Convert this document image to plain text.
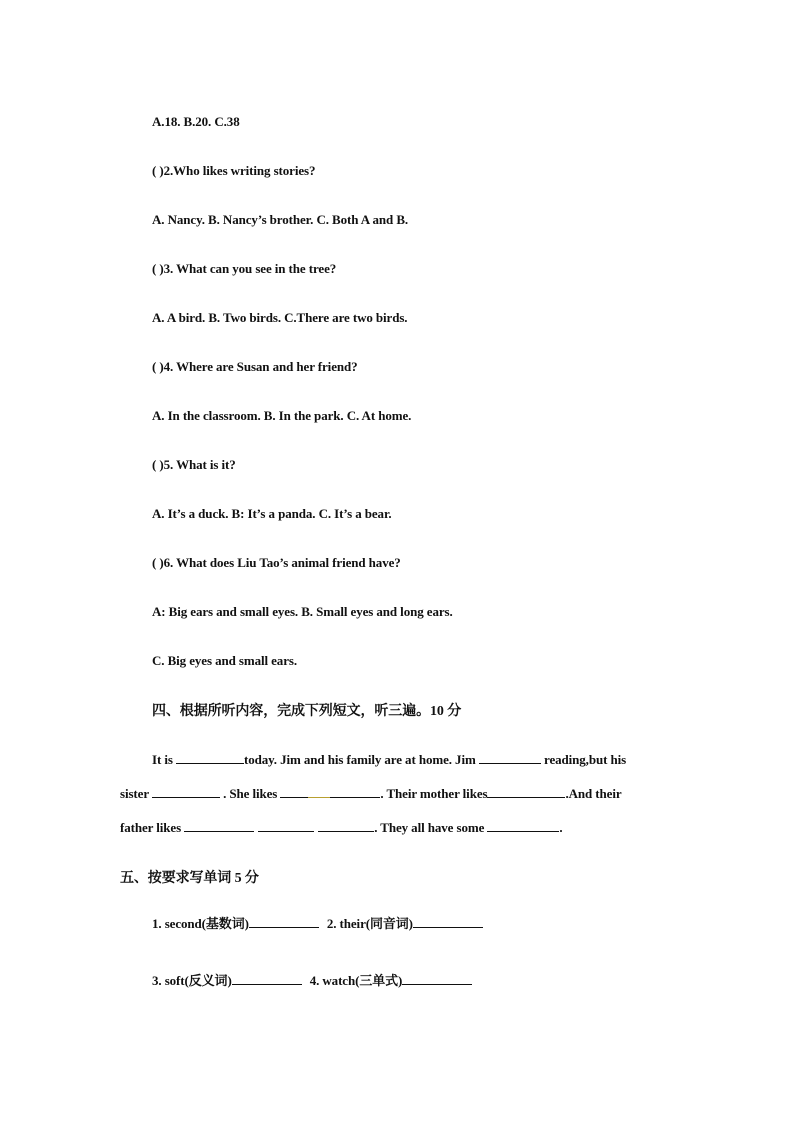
A.18. B.20. C.38
( )2.Who likes writing stories?
A. Nancy. B. Nancy’s brother. C. Both A and B.
( )3. What can you see in the tree?
A. A bird. B. Two birds. C.There are two birds.
( )4. Where are Susan and her friend?
A. In the classroom. B. In the park. C. At home.
( )5. What is it?
A. It’s a duck. B: It’s a panda. C. It’s a bear.
( )6. What does Liu Tao’s animal friend have?
A: Big ears and small eyes. B. Small eyes and long ears.
C. Big eyes and small ears.
四、根据所听内容，完成下列短文，听三遍。10 分
It is	today. Jim and his family are at home. Jim	reading,but his
sister	. She likes	. Their mother likes	.And their
father likes	. They all have some	.
五、按要求写单词 5 分
1. second(基数词)	2. their(同音词)
3. soft(反义词)	4. watch(三单式)
